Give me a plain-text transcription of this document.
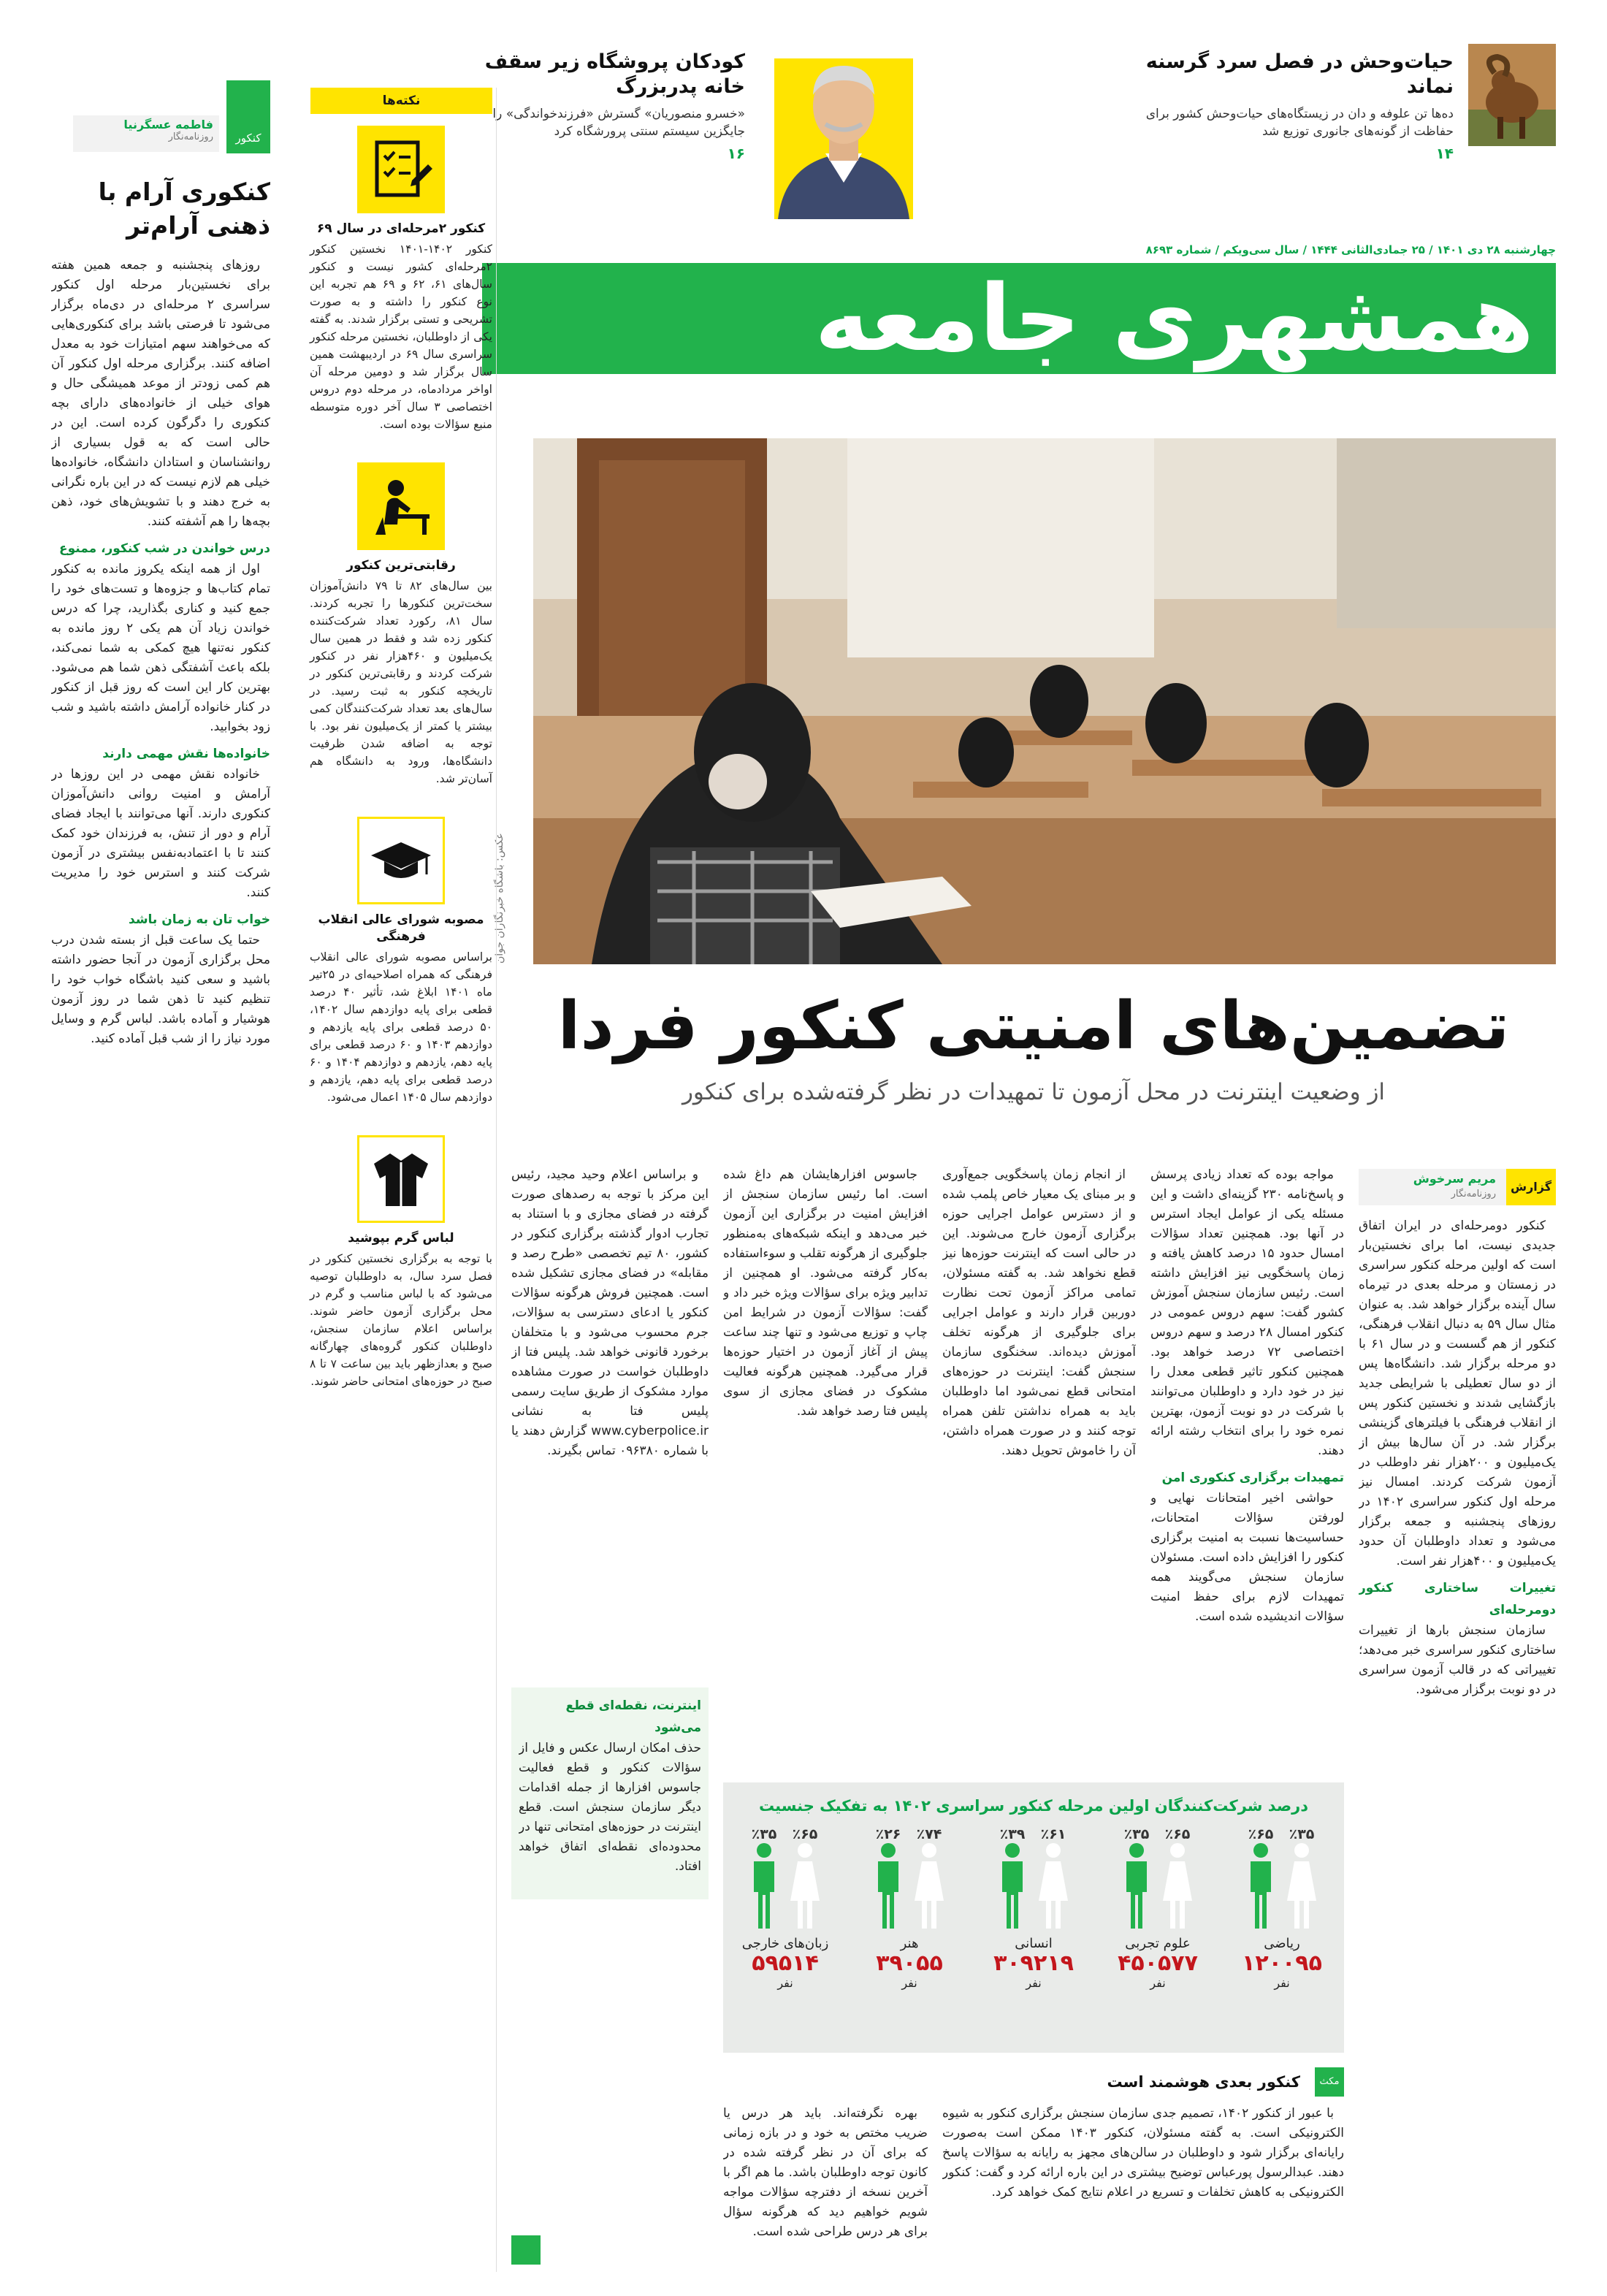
حیات‌وحش در فصل سرد گرسنه نماند
ده‌ها تن علوفه و دان در زیستگاه‌های حیات‌وحش کشور برای حفاظت از گونه‌های جانوری توزیع شد
۱۴
کودکان پروشگاه زیر سقف خانه پدربزرگ
«خسرو منصوریان» گسترش «فرزندخواندگی» را جایگزین سیستم سنتی پرورشگاه کرد
۱۶
چهارشنبه ۲۸ دی ۱۴۰۱ / ۲۵ جمادی‌الثانی ۱۴۴۴ / سال سی‌ویکم / شماره ۸۶۹۳
همشهری جامعه
عکس: باشگاه خبرنگاران جوان
تضمین‌های امنیتی کنکور فردا
از وضعیت اینترنت در محل آزمون تا تمهیدات در نظر گرفته‌شده برای کنکور
گزارش
مریم سرخوش
روزنامه‌نگار

کنکور دومرحله‌ای در ایران اتفاق جدیدی نیست، اما برای نخستین‌بار است که اولین مرحله کنکور سراسری در زمستان و مرحله بعدی در تیرماه سال آینده برگزار خواهد شد. به عنوان مثال سال ۵۹ به دنبال انقلاب فرهنگی، کنکور از هم گسست و در سال ۶۱ با دو مرحله برگزار شد. دانشگاه‌ها پس از دو سال تعطیلی با شرایطی جدید بازگشایی شدند و نخستین کنکور پس از انقلاب فرهنگی با فیلترهای گزینشی برگزار شد. در آن سال‌ها بیش از یک‌میلیون و ۲۰۰هزار نفر داوطلب در آزمون شرکت کردند. امسال نیز مرحله اول کنکور سراسری ۱۴۰۲ در روزهای پنجشنبه و جمعه برگزار می‌شود و تعداد داوطلبان آن حدود یک‌میلیون و ۴۰۰هزار نفر است.

تغییرات ساختاری کنکور دومرحله‌ای

سازمان سنجش بارها از تغییرات ساختاری کنکور سراسری خبر می‌دهد؛ تغییراتی که در قالب آزمون سراسری در دو نوبت برگزار می‌شود.

مواجه بوده که تعداد زیادی پرسش و پاسخ‌نامه ۲۳۰ گزینه‌ای داشت و این مسئله یکی از عوامل ایجاد استرس در آنها بود. همچنین تعداد سؤالات امسال حدود ۱۵ درصد کاهش یافته و زمان پاسخگویی نیز افزایش داشته است. رئیس سازمان سنجش آموزش کشور گفت: سهم دروس عمومی در کنکور امسال ۲۸ درصد و سهم دروس اختصاصی ۷۲ درصد خواهد بود. همچنین کنکور تاثیر قطعی معدل را نیز در خود دارد و داوطلبان می‌توانند با شرکت در دو نوبت آزمون، بهترین نمره خود را برای انتخاب رشته ارائه دهند.

تمهیدات برگزاری کنکوری امن

حواشی اخیر امتحانات نهایی و لورفتن سؤالات امتحانات، حساسیت‌ها نسبت به امنیت برگزاری کنکور را افزایش داده است. مسئولان سازمان سنجش می‌گویند همه تمهیدات لازم برای حفظ امنیت سؤالات اندیشیده شده است.

از انجام زمان پاسخگویی جمع‌آوری و بر مبنای یک معیار خاص پلمب شده و از دسترس عوامل اجرایی حوزه برگزاری آزمون خارج می‌شوند. این در حالی است که اینترنت حوزه‌ها نیز قطع نخواهد شد. به گفته مسئولان، تمامی مراکز آزمون تحت نظارت دوربین قرار دارند و عوامل اجرایی برای جلوگیری از هرگونه تخلف آموزش دیده‌اند. سخنگوی سازمان سنجش گفت: اینترنت در حوزه‌های امتحانی قطع نمی‌شود اما داوطلبان باید به همراه نداشتن تلفن همراه توجه کنند و در صورت همراه داشتن، آن را خاموش تحویل دهند.

جاسوس افزارهایشان هم داغ شده است. اما رئیس سازمان سنجش از افزایش امنیت در برگزاری این آزمون خبر می‌دهد و اینکه شبکه‌های به‌منظور جلوگیری از هرگونه تقلب و سوءاستفاده به‌کار گرفته می‌شود. او همچنین از تدابیر ویژه برای سؤالات ویژه خبر داد و گفت: سؤالات آزمون در شرایط امن چاپ و توزیع می‌شود و تنها چند ساعت پیش از آغاز آزمون در اختیار حوزه‌ها قرار می‌گیرد. همچنین هرگونه فعالیت مشکوک در فضای مجازی از سوی پلیس فتا رصد خواهد شد.

و براساس اعلام وحید مجید، رئیس این مرکز با توجه به رصدهای صورت گرفته در فضای مجازی و با استناد به تجارب ادوار گذشته برگزاری کنکور در کشور، ۸۰ تیم تخصصی «طرح رصد و مقابله» در فضای مجازی تشکیل شده است. همچنین فروش هرگونه سؤالات کنکور یا ادعای دسترسی به سؤالات، جرم محسوب می‌شود و با متخلفان برخورد قانونی خواهد شد. پلیس فتا از داوطلبان خواست در صورت مشاهده موارد مشکوک از طریق سایت رسمی پلیس فتا به نشانی www.cyberpolice.ir گزارش دهند یا با شماره ۰۹۶۳۸۰ تماس بگیرند.

اینترنت، نقطه‌ای قطع می‌شود
حذف امکان ارسال عکس و فایل از سؤالات کنکور و قطع فعالیت جاسوس افزارها از جمله اقدامات دیگر سازمان سنجش است. قطع اینترنت در حوزه‌های امتحانی تنها در محدوده‌ای نقطه‌ای اتفاق خواهد افتاد.
درصد شرکت‌کنندگان اولین مرحله کنکور سراسری ۱۴۰۲ به تفکیک جنسیت
٪۳۵
٪۶۵
ریاضی
۱۲۰۰۹۵
نفر
٪۶۵
٪۳۵
علوم تجربی
۴۵۰۵۷۷
نفر
٪۶۱
٪۳۹
انسانی
۳۰۹۲۱۹
نفر
٪۷۴
٪۲۶
هنر
۳۹۰۵۵
نفر
٪۶۵
٪۳۵
زبان‌های خارجی
۵۹۵۱۴
نفر
مکث
کنکور بعدی هوشمند است

با عبور از کنکور ۱۴۰۲، تصمیم جدی سازمان سنجش برگزاری کنکور به شیوه الکترونیکی است. به گفته مسئولان، کنکور ۱۴۰۳ ممکن است به‌صورت رایانه‌ای برگزار شود و داوطلبان در سالن‌های مجهز به رایانه به سؤالات پاسخ دهند. عبدالرسول پورعباس توضیح بیشتری در این باره ارائه کرد و گفت: کنکور الکترونیکی به کاهش تخلفات و تسریع در اعلام نتایج کمک خواهد کرد.

بهره نگرفته‌اند. باید هر درس یا ضریب مختص به خود و در بازه زمانی که برای آن در نظر گرفته شده در کانون توجه داوطلبان باشد. ما هم اگر با آخرین نسخه از دفترچه سؤالات مواجه شویم خواهیم دید که هرگونه سؤال برای هر درس طراحی شده است.

نکته‌ها
کنکور ۲مرحله‌ای در سال ۶۹
کنکور ۱۴۰۲-۱۴۰۱ نخستین کنکور ۲مرحله‌ای کشور نیست و کنکور سال‌های ۶۱، ۶۲ و ۶۹ هم تجربه این نوع کنکور را داشته و به صورت تشریحی و تستی برگزار شدند. به گفته یکی از داوطلبان، نخستین مرحله کنکور سراسری سال ۶۹ در اردیبهشت همین سال برگزار شد و دومین مرحله آن اواخر مردادماه، در مرحله دوم دروس اختصاصی ۳ سال آخر دوره متوسطه منبع سؤالات بوده است.
رقابتی‌ترین کنکور
بین سال‌های ۸۲ تا ۷۹ دانش‌آموزان سخت‌ترین کنکورها را تجربه کردند. سال ۸۱، رکورد تعداد شرکت‌کننده کنکور زده شد و فقط در همین سال یک‌میلیون و ۴۶۰هزار نفر در کنکور شرکت کردند و رقابتی‌ترین کنکور در تاریخچه کنکور به ثبت رسید. در سال‌های بعد تعداد شرکت‌کنندگان کمی بیشتر یا کمتر از یک‌میلیون نفر بود. با توجه به اضافه شدن ظرفیت دانشگاه‌ها، ورود به دانشگاه هم آسان‌تر شد.
مصوبه شورای عالی انقلاب فرهنگی
براساس مصوبه شورای عالی انقلاب فرهنگی که همراه اصلاحیه‌ای در ۲۵تیر ماه ۱۴۰۱ ابلاغ شد، تأثیر ۴۰ درصد قطعی برای پایه دوازدهم سال ۱۴۰۲، ۵۰ درصد قطعی برای پایه یازدهم و دوازدهم ۱۴۰۳ و ۶۰ درصد قطعی برای پایه دهم، یازدهم و دوازدهم ۱۴۰۴ و ۶۰ درصد قطعی برای پایه دهم، یازدهم و دوازدهم سال ۱۴۰۵ اعمال می‌شود.
لباس گرم بپوشید
با توجه به برگزاری نخستین کنکور در فصل سرد سال، به داوطلبان توصیه می‌شود که با لباس مناسب و گرم در محل برگزاری آزمون حاضر شوند. براساس اعلام سازمان سنجش، داوطلبان کنکور گروه‌های چهارگانه صبح و بعدازظهر باید بین ساعت ۷ تا ۸ صبح در حوزه‌های امتحانی حاضر شوند.
کنکور
فاطمه عسگرنیا
روزنامه‌نگار
کنکوری آرام با ذهنی آرام‌تر

روزهای پنجشنبه و جمعه همین هفته برای نخستین‌بار مرحله اول کنکور سراسری ۲ مرحله‌ای در دی‌ماه برگزار می‌شود تا فرصتی باشد برای کنکوری‌هایی که می‌خواهند سهم امتیازات خود به معدل اضافه کنند. برگزاری مرحله اول کنکور آن هم کمی زودتر از موعد همیشگی حال و هوای خیلی از خانواده‌های دارای بچه کنکوری را دگرگون کرده است. این در حالی است که به قول بسیاری از روانشناسان و استادان دانشگاه، خانواده‌ها خیلی هم لازم نیست که در این باره نگرانی به خرج دهند و با تشویش‌های خود، ذهن بچه‌ها را هم آشفته کنند.

درس خواندن در شب کنکور، ممنوع

اول از همه اینکه یکروز مانده به کنکور تمام کتاب‌ها و جزوه‌ها و تست‌های خود را جمع کنید و کناری بگذارید، چرا که درس خواندن زیاد آن هم یکی ۲ روز مانده به کنکور نه‌تنها هیچ کمکی به شما نمی‌کند، بلکه باعث آشفتگی ذهن شما هم می‌شود. بهترین کار این است که روز قبل از کنکور در کنار خانواده آرامش داشته باشید و شب زود بخوابید.

خانواده‌ها نقش مهمی دارند

خانواده نقش مهمی در این روزها در آرامش و امنیت روانی دانش‌آموزان کنکوری دارند. آنها می‌توانند با ایجاد فضای آرام و دور از تنش، به فرزندان خود کمک کنند تا با اعتمادبه‌نفس بیشتری در آزمون شرکت کنند و استرس خود را مدیریت کنند.

خواب تان به زمان باشد

حتما یک ساعت قبل از بسته شدن درب محل برگزاری آزمون در آنجا حضور داشته باشید و سعی کنید باشگاه خواب خود را تنظیم کنید تا ذهن شما در روز آزمون هوشیار و آماده باشد. لباس گرم و وسایل مورد نیاز را از شب قبل آماده کنید.
